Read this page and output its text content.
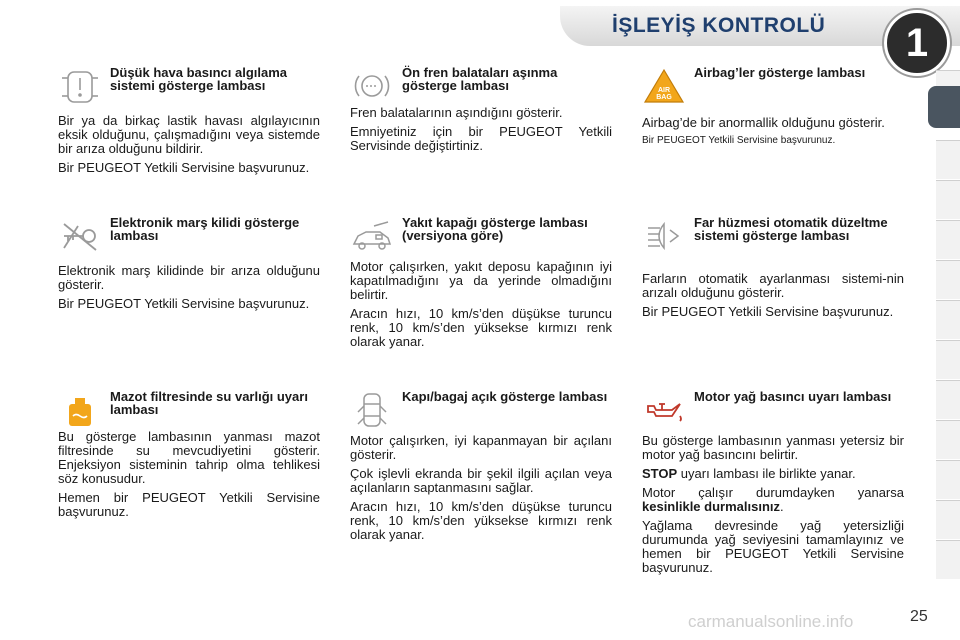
İŞLEYİŞ KONTROLÜ	1
Düşük hava basıncı algılama sistemi gösterge lambası

Bir ya da birkaç lastik havası algılayıcının eksik olduğunu, çalışmadığını veya sistemde bir arıza olduğunu bildirir.

Bir PEUGEOT Yetkili Servisine başvurunuz.

Ön fren balataları aşınma gösterge lambası

Fren balatalarının aşındığını gösterir.

Emniyetiniz için bir PEUGEOT Yetkili Servisinde değiştirtiniz.

AIR
BAG
Airbag’ler gösterge lambası

Airbag’de bir anormallik olduğunu gösterir.

Bir PEUGEOT Yetkili Servisine başvurunuz.

Elektronik marş kilidi gösterge lambası

Elektronik marş kilidinde bir arıza olduğunu gösterir.

Bir PEUGEOT Yetkili Servisine başvurunuz.

Yakıt kapağı gösterge lambası (versiyona göre)

Motor çalışırken, yakıt deposu kapağının iyi kapatılmadığını ya da yerinde olmadığını belirtir.

Aracın hızı, 10 km/s’den düşükse turuncu renk, 10 km/s’den yüksekse kırmızı renk olarak yanar.

Far hüzmesi otomatik düzeltme sistemi gösterge lambası

Farların otomatik ayarlanması sistemi-nin arızalı olduğunu gösterir.

Bir PEUGEOT Yetkili Servisine başvurunuz.

Mazot filtresinde su varlığı uyarı lambası

Bu gösterge lambasının yanması mazot filtresinde su mevcudiyetini gösterir. Enjeksiyon sisteminin tahrip olma tehlikesi söz konusudur.

Hemen bir PEUGEOT Yetkili Servisine başvurunuz.

Kapı/bagaj açık gösterge lambası

Motor çalışırken, iyi kapanmayan bir açılanı gösterir.

Çok işlevli ekranda bir şekil ilgili açılan veya açılanların saptanmasını sağlar.

Aracın hızı, 10 km/s’den düşükse turuncu renk, 10 km/s’den yüksekse kırmızı renk olarak yanar.

Motor yağ basıncı uyarı lambası

Bu gösterge lambasının yanması yetersiz bir motor yağ basıncını belirtir.

STOP uyarı lambası ile birlikte yanar.

Motor çalışır durumdayken yanarsa kesinlikle durmalısınız.

Yağlama devresinde yağ yetersizliği durumunda yağ seviyesini tamamlayınız ve hemen bir PEUGEOT Yetkili Servisine başvurunuz.

carmanualsonline.info	25
